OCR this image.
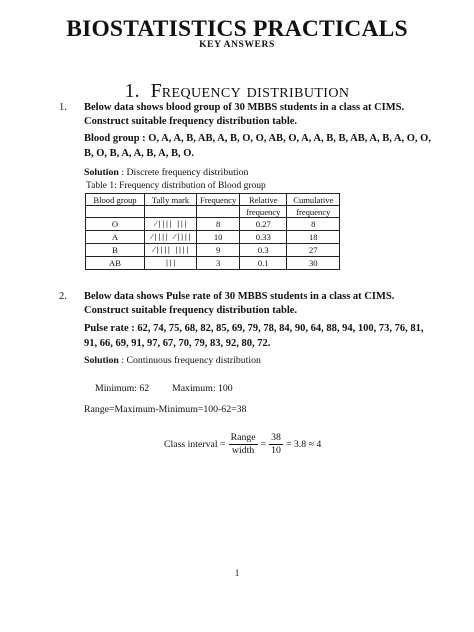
BIOSTATISTICS PRACTICALS
KEY ANSWERS
1. Frequency distribution
1.	Below data shows blood group of 30 MBBS students in a class at CIMS. Construct suitable frequency distribution table.
Blood group : O, A, A, B, AB, A, B, O, O, AB, O, A, A, B, B, AB, A, B, A, O, O, B, O, B, A, A, B, A, B, O.
Solution : Discrete frequency distribution
Table 1: Frequency distribution of Blood group
Blood group	Tally mark	Frequency	Relative	Cumulative
			frequency	frequency
O	̸|||| |||	8	0.27	8
A	̸|||| ̸||||	10	0.33	18
B	̸|||| ||||	9	0.3	27
AB	|||	3	0.1	30
2.	Below data shows Pulse rate of 30 MBBS students in a class at CIMS. Construct suitable frequency distribution table.
Pulse rate : 62, 74, 75, 68, 82, 85, 69, 79, 78, 84, 90, 64, 88, 94, 100, 73, 76, 81, 91, 66, 69, 91, 97, 67, 70, 79, 83, 92, 80, 72.
Solution : Continuous frequency distribution
Minimum: 62 Maximum: 100
Range=Maximum-Minimum=100-62=38
Class interval = $\frac{\text{Range}}{\text{width}} = \frac{38}{10} = 3.8 \approx 4$
1
